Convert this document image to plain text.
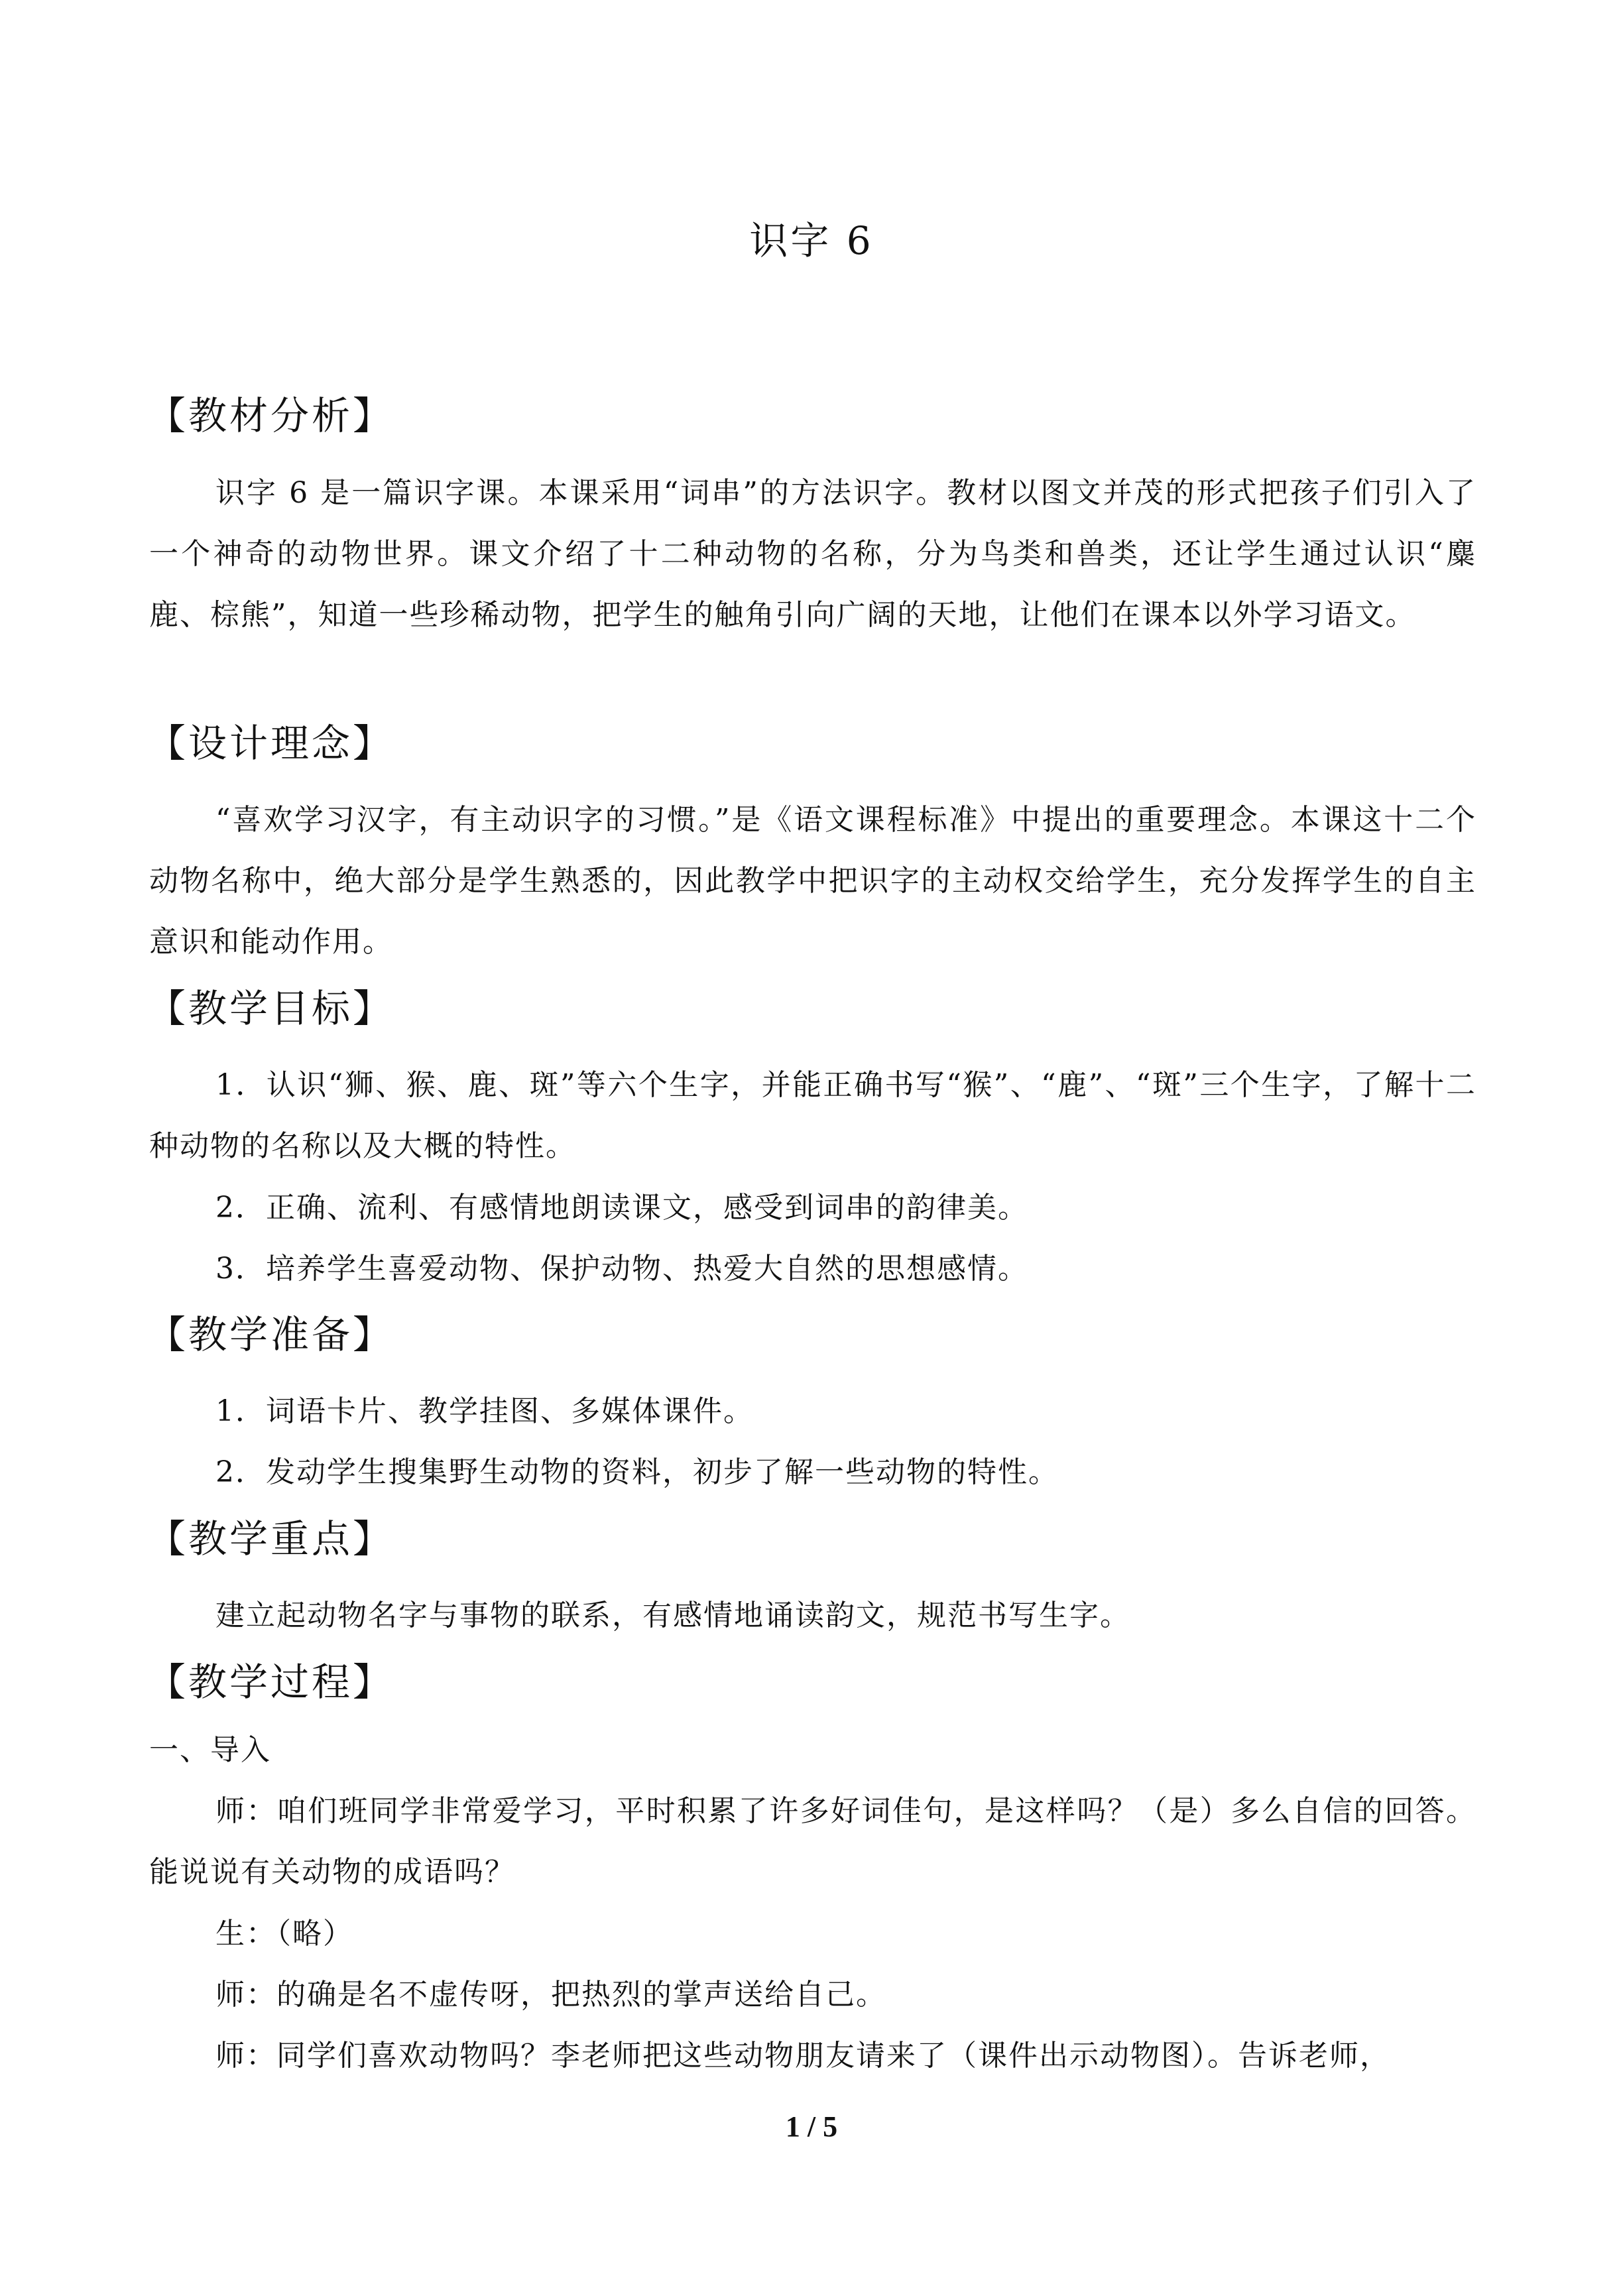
识字 6
【教材分析】

识字 6 是一篇识字课。本课采用“词串”的方法识字。教材以图文并茂的形式把孩子们引入了一个神奇的动物世界。课文介绍了十二种动物的名称，分为鸟类和兽类，还让学生通过认识“麋鹿、棕熊”，知道一些珍稀动物，把学生的触角引向广阔的天地，让他们在课本以外学习语文。

【设计理念】

“喜欢学习汉字，有主动识字的习惯。”是《语文课程标准》中提出的重要理念。本课这十二个动物名称中，绝大部分是学生熟悉的，因此教学中把识字的主动权交给学生，充分发挥学生的自主意识和能动作用。

【教学目标】

1．认识“狮、猴、鹿、斑”等六个生字，并能正确书写“猴”、“鹿”、“斑”三个生字，了解十二种动物的名称以及大概的特性。

2．正确、流利、有感情地朗读课文，感受到词串的韵律美。
3．培养学生喜爱动物、保护动物、热爱大自然的思想感情。
【教学准备】
1．词语卡片、教学挂图、多媒体课件。
2．发动学生搜集野生动物的资料，初步了解一些动物的特性。
【教学重点】
建立起动物名字与事物的联系，有感情地诵读韵文，规范书写生字。
【教学过程】
一、导入

师：咱们班同学非常爱学习，平时积累了许多好词佳句，是这样吗？（是）多么自信的回答。能说说有关动物的成语吗？

生：（略）
师：的确是名不虚传呀，把热烈的掌声送给自己。
师：同学们喜欢动物吗？李老师把这些动物朋友请来了（课件出示动物图）。告诉老师，
1 / 5
